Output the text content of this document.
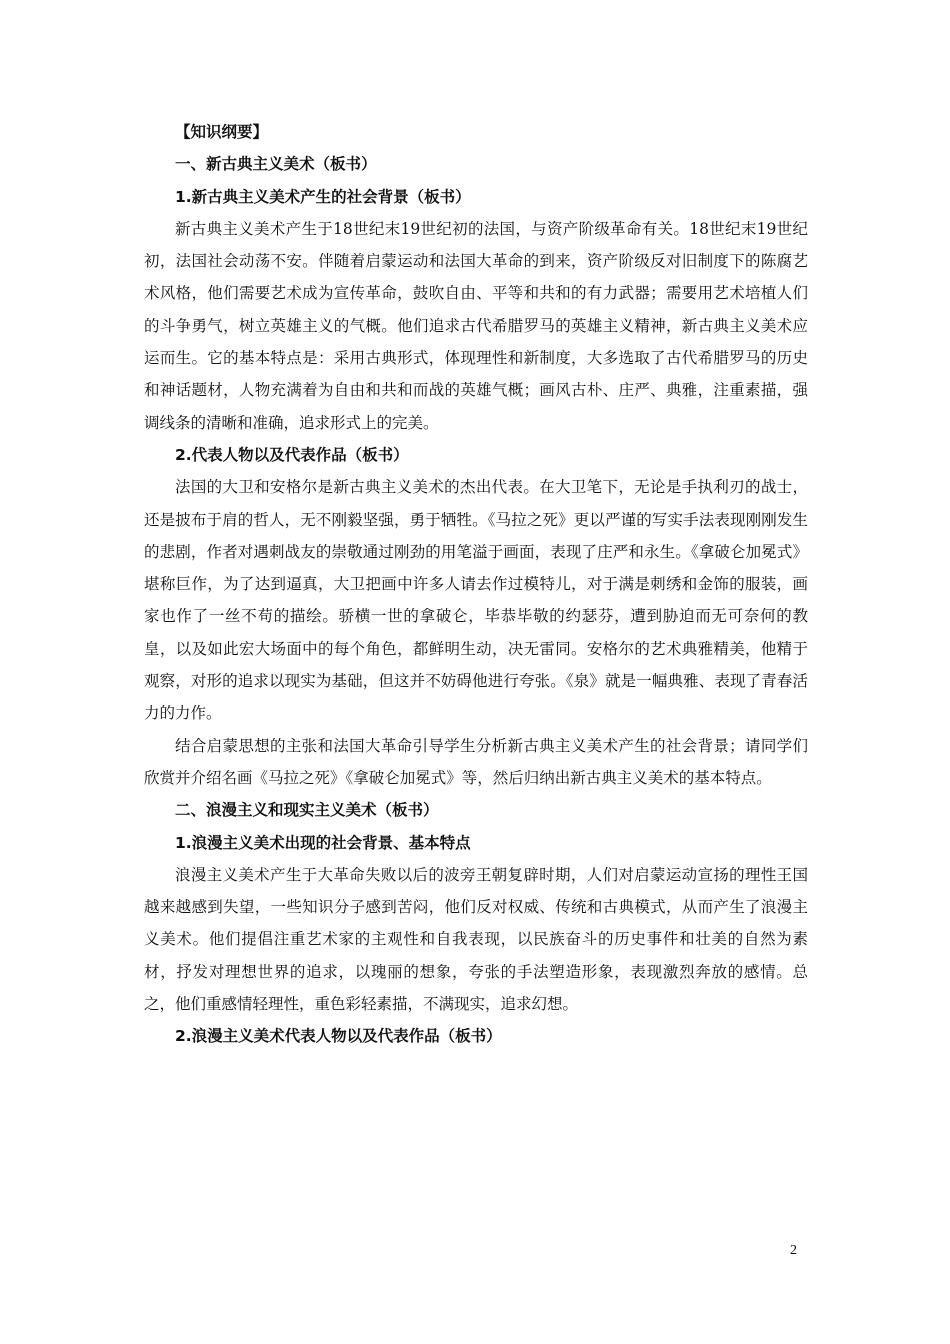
【知识纲要】

一、新古典主义美术（板书）

1.新古典主义美术产生的社会背景（板书）

新古典主义美术产生于18世纪末19世纪初的法国，与资产阶级革命有关。18世纪末19世纪初，法国社会动荡不安。伴随着启蒙运动和法国大革命的到来，资产阶级反对旧制度下的陈腐艺术风格，他们需要艺术成为宣传革命，鼓吹自由、平等和共和的有力武器；需要用艺术培植人们的斗争勇气，树立英雄主义的气概。他们追求古代希腊罗马的英雄主义精神，新古典主义美术应运而生。它的基本特点是：采用古典形式，体现理性和新制度，大多选取了古代希腊罗马的历史和神话题材，人物充满着为自由和共和而战的英雄气概；画风古朴、庄严、典雅，注重素描，强调线条的清晰和准确，追求形式上的完美。

2.代表人物以及代表作品（板书）

法国的大卫和安格尔是新古典主义美术的杰出代表。在大卫笔下，无论是手执利刃的战士，还是披布于肩的哲人，无不刚毅坚强，勇于牺牲。《马拉之死》更以严谨的写实手法表现刚刚发生的悲剧，作者对遇刺战友的崇敬通过刚劲的用笔溢于画面，表现了庄严和永生。《拿破仑加冕式》堪称巨作，为了达到逼真，大卫把画中许多人请去作过模特儿，对于满是刺绣和金饰的服装，画家也作了一丝不苟的描绘。骄横一世的拿破仑，毕恭毕敬的约瑟芬，遭到胁迫而无可奈何的教皇，以及如此宏大场面中的每个角色，都鲜明生动，决无雷同。安格尔的艺术典雅精美，他精于观察，对形的追求以现实为基础，但这并不妨碍他进行夸张。《泉》就是一幅典雅、表现了青春活力的力作。

结合启蒙思想的主张和法国大革命引导学生分析新古典主义美术产生的社会背景；请同学们欣赏并介绍名画《马拉之死》《拿破仑加冕式》等，然后归纳出新古典主义美术的基本特点。

二、浪漫主义和现实主义美术（板书）

1.浪漫主义美术出现的社会背景、基本特点

浪漫主义美术产生于大革命失败以后的波旁王朝复辟时期，人们对启蒙运动宣扬的理性王国越来越感到失望，一些知识分子感到苦闷，他们反对权威、传统和古典模式，从而产生了浪漫主义美术。他们提倡注重艺术家的主观性和自我表现，以民族奋斗的历史事件和壮美的自然为素材，抒发对理想世界的追求，以瑰丽的想象，夸张的手法塑造形象，表现激烈奔放的感情。总之，他们重感情轻理性，重色彩轻素描，不满现实，追求幻想。

2.浪漫主义美术代表人物以及代表作品（板书）

2
